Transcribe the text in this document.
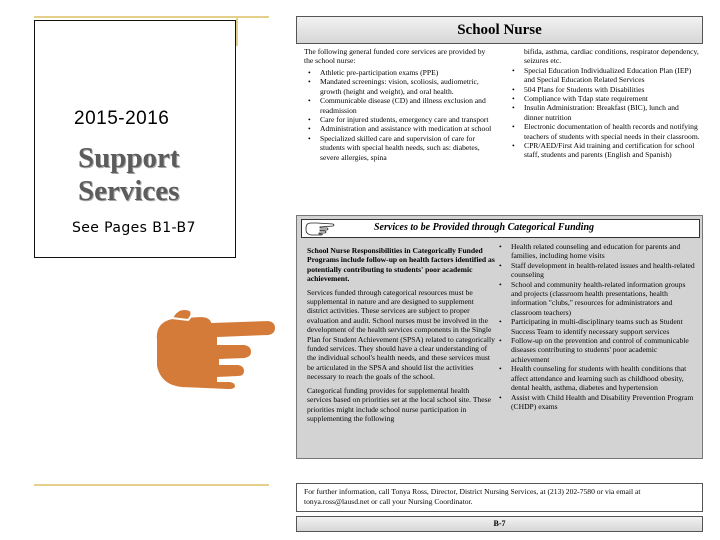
2015-2016
Support
Services
See Pages B1-B7
School Nurse
The following general funded core services are provided by the school nurse:
• Athletic pre-participation exams (PPE)
• Mandated screenings: vision, scoliosis, audiometric, growth (height and weight), and oral health.
• Communicable disease (CD) and illness exclusion and readmission
• Care for injured students, emergency care and transport
• Administration and assistance with medication at school
• Specialized skilled care and supervision of care for students with special health needs, such as: diabetes, severe allergies, spina
bifida, asthma, cardiac conditions, respirator dependency, seizures etc.
• Special Education Individualized Education Plan (IEP) and Special Education Related Services
• 504 Plans for Students with Disabilities
• Compliance with Tdap state requirement
• Insulin Administration: Breakfast (BIC), lunch and dinner nutrition
• Electronic documentation of health records and notifying teachers of students with special needs in their classroom.
• CPR/AED/First Aid training and certification for school staff, students and parents (English and Spanish)
Services to be Provided through Categorical Funding

School Nurse Responsibilities in Categorically Funded Programs include follow-up on health factors identified as potentially contributing to students' poor academic achievement.

Services funded through categorical resources must be supplemental in nature and are designed to supplement district activities. These services are subject to proper evaluation and audit. School nurses must be involved in the development of the health services components in the Single Plan for Student Achievement (SPSA) related to categorically funded services. They should have a clear understanding of the individual school's health needs, and these services must be articulated in the SPSA and should list the activities necessary to reach the goals of the school.

Categorical funding provides for supplemental health services based on priorities set at the local school site. These priorities might include school nurse participation in supplementing the following

• Health related counseling and education for parents and families, including home visits
• Staff development in health-related issues and health-related counseling
• School and community health-related information groups and projects (classroom health presentations, health information "clubs," resources for administrators and classroom teachers)
• Participating in multi-disciplinary teams such as Student Success Team to identify necessary support services
• Follow-up on the prevention and control of communicable diseases contributing to students' poor academic achievement
• Health counseling for students with health conditions that affect attendance and learning such as childhood obesity, dental health, asthma, diabetes and hypertension
• Assist with Child Health and Disability Prevention Program (CHDP) exams
For further information, call Tonya Ross, Director, District Nursing Services, at (213) 202-7580 or via email at tonya.ross@lausd.net or call your Nursing Coordinator.
B-7
